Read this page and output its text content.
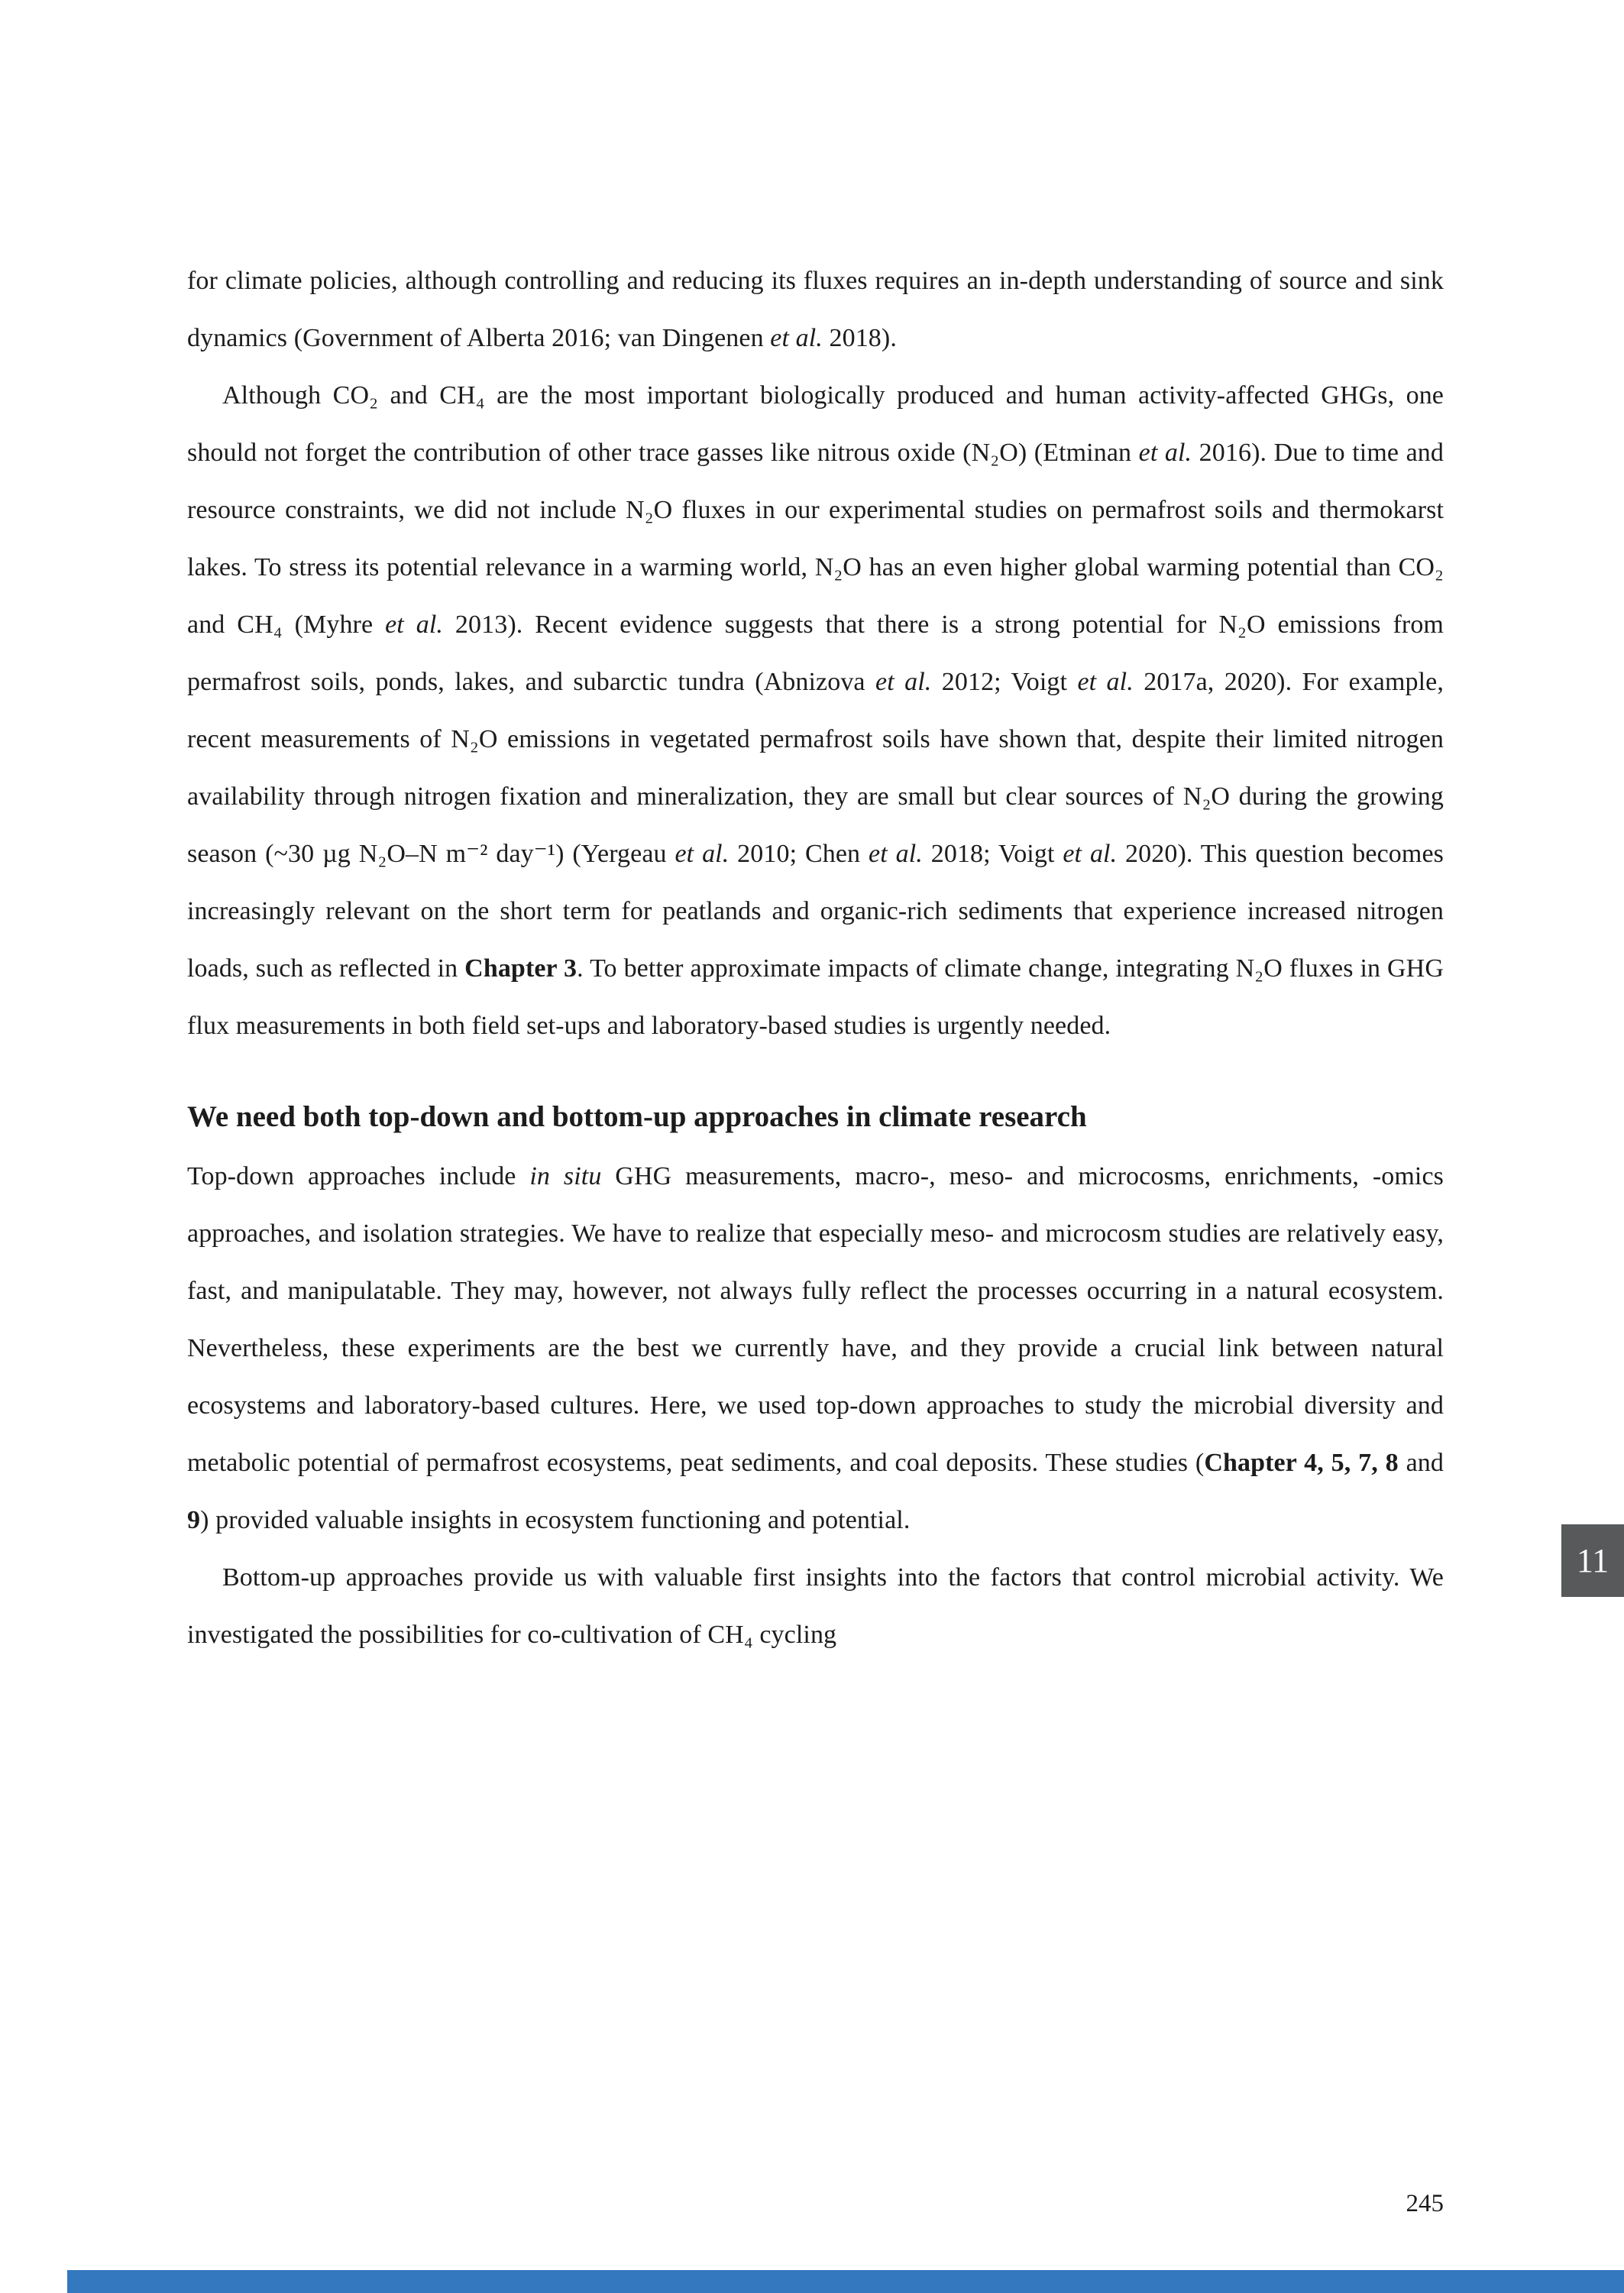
for climate policies, although controlling and reducing its fluxes requires an in-depth understanding of source and sink dynamics (Government of Alberta 2016; van Dingenen et al. 2018).

Although CO₂ and CH₄ are the most important biologically produced and human activity-affected GHGs, one should not forget the contribution of other trace gasses like nitrous oxide (N₂O) (Etminan et al. 2016). Due to time and resource constraints, we did not include N₂O fluxes in our experimental studies on permafrost soils and thermokarst lakes. To stress its potential relevance in a warming world, N₂O has an even higher global warming potential than CO₂ and CH₄ (Myhre et al. 2013). Recent evidence suggests that there is a strong potential for N₂O emissions from permafrost soils, ponds, lakes, and subarctic tundra (Abnizova et al. 2012; Voigt et al. 2017a, 2020). For example, recent measurements of N₂O emissions in vegetated permafrost soils have shown that, despite their limited nitrogen availability through nitrogen fixation and mineralization, they are small but clear sources of N₂O during the growing season (~30 µg N₂O–N m⁻² day⁻¹) (Yergeau et al. 2010; Chen et al. 2018; Voigt et al. 2020). This question becomes increasingly relevant on the short term for peatlands and organic-rich sediments that experience increased nitrogen loads, such as reflected in Chapter 3. To better approximate impacts of climate change, integrating N₂O fluxes in GHG flux measurements in both field set-ups and laboratory-based studies is urgently needed.

We need both top-down and bottom-up approaches in climate research

Top-down approaches include in situ GHG measurements, macro-, meso- and microcosms, enrichments, -omics approaches, and isolation strategies. We have to realize that especially meso- and microcosm studies are relatively easy, fast, and manipulatable. They may, however, not always fully reflect the processes occurring in a natural ecosystem. Nevertheless, these experiments are the best we currently have, and they provide a crucial link between natural ecosystems and laboratory-based cultures. Here, we used top-down approaches to study the microbial diversity and metabolic potential of permafrost ecosystems, peat sediments, and coal deposits. These studies (Chapter 4, 5, 7, 8 and 9) provided valuable insights in ecosystem functioning and potential.

Bottom-up approaches provide us with valuable first insights into the factors that control microbial activity. We investigated the possibilities for co-cultivation of CH₄ cycling

11
245
